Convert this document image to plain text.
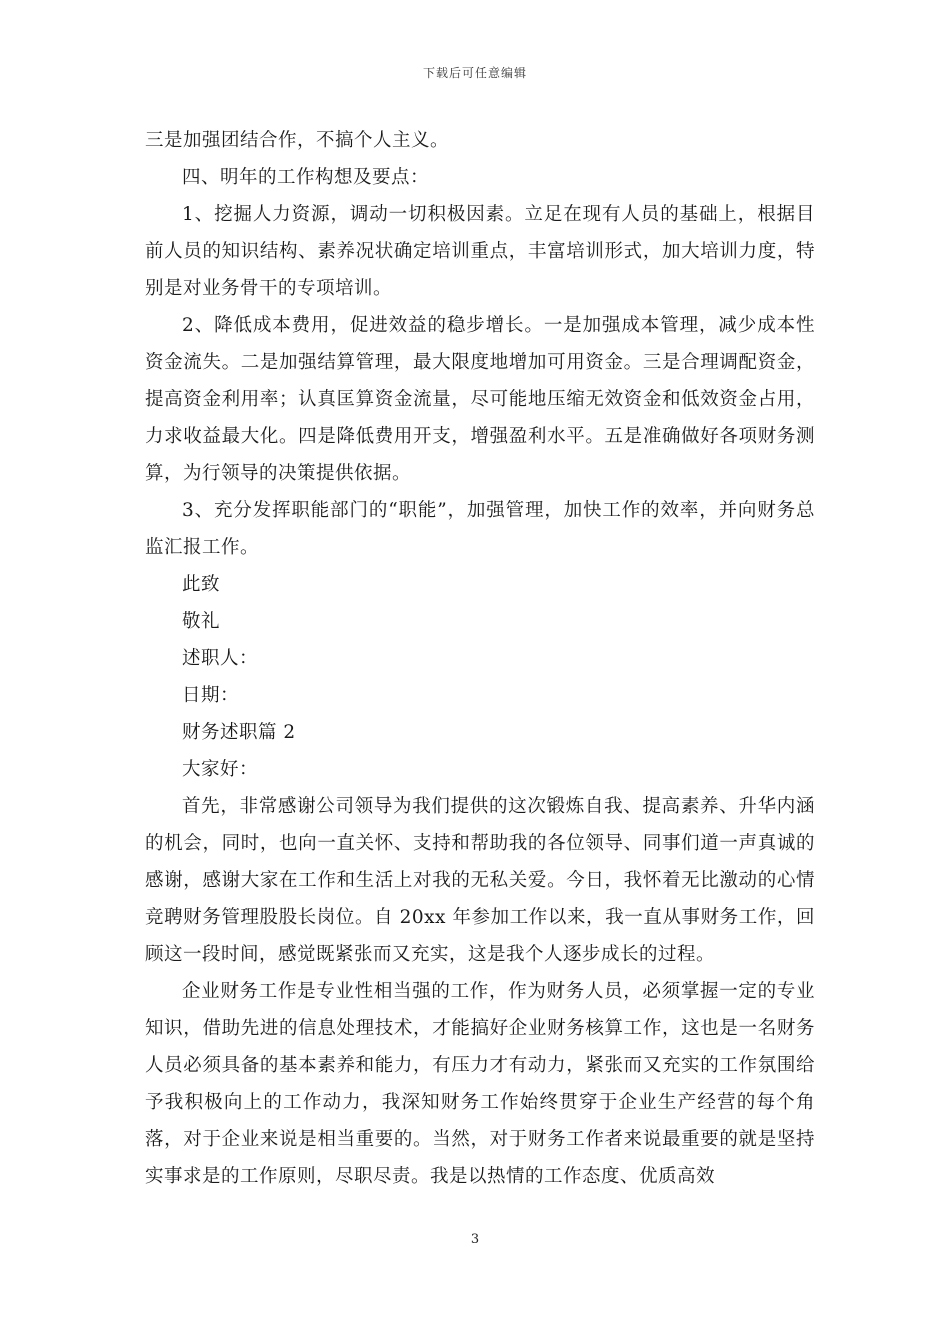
下载后可任意编辑

三是加强团结合作，不搞个人主义。

四、明年的工作构想及要点：

1、挖掘人力资源，调动一切积极因素。立足在现有人员的基础上，根据目前人员的知识结构、素养况状确定培训重点，丰富培训形式，加大培训力度，特别是对业务骨干的专项培训。

2、降低成本费用，促进效益的稳步增长。一是加强成本管理，减少成本性资金流失。二是加强结算管理，最大限度地增加可用资金。三是合理调配资金，提高资金利用率；认真匡算资金流量，尽可能地压缩无效资金和低效资金占用，力求收益最大化。四是降低费用开支，增强盈利水平。五是准确做好各项财务测算，为行领导的决策提供依据。

3、充分发挥职能部门的“职能”，加强管理，加快工作的效率，并向财务总监汇报工作。

此致

敬礼

述职人：

日期：

财务述职篇 2

大家好：

首先，非常感谢公司领导为我们提供的这次锻炼自我、提高素养、升华内涵的机会，同时，也向一直关怀、支持和帮助我的各位领导、同事们道一声真诚的感谢，感谢大家在工作和生活上对我的无私关爱。今日，我怀着无比激动的心情竞聘财务管理股股长岗位。自 20xx 年参加工作以来，我一直从事财务工作，回顾这一段时间，感觉既紧张而又充实，这是我个人逐步成长的过程。

企业财务工作是专业性相当强的工作，作为财务人员，必须掌握一定的专业知识，借助先进的信息处理技术，才能搞好企业财务核算工作，这也是一名财务人员必须具备的基本素养和能力，有压力才有动力，紧张而又充实的工作氛围给予我积极向上的工作动力，我深知财务工作始终贯穿于企业生产经营的每个角落，对于企业来说是相当重要的。当然，对于财务工作者来说最重要的就是坚持实事求是的工作原则，尽职尽责。我是以热情的工作态度、优质高效

3
